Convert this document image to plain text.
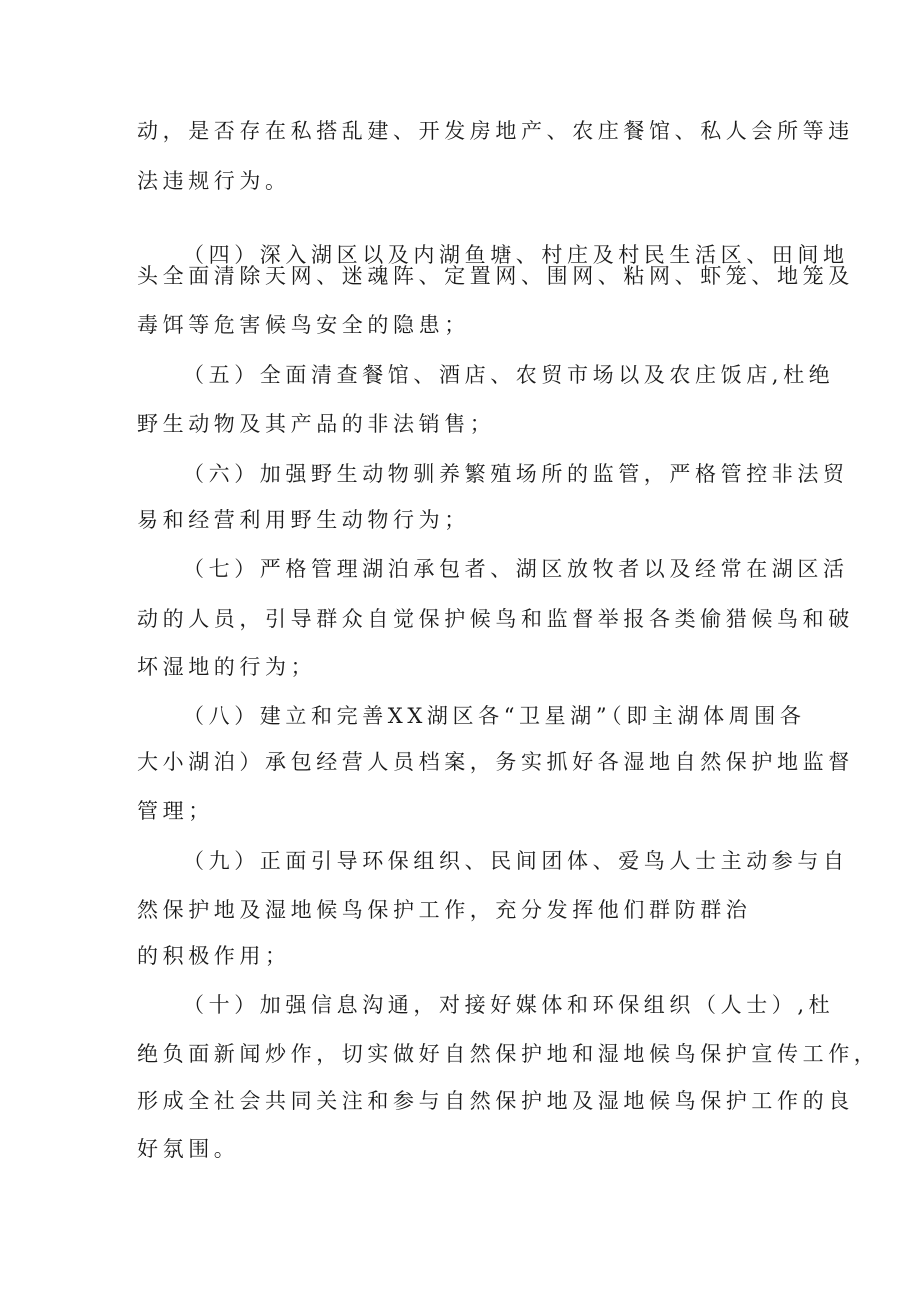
动，是否存在私搭乱建、开发房地产、农庄餐馆、私人会所等违
法违规行为。
（四）深入湖区以及内湖鱼塘、村庄及村民生活区、田间地
头全面清除天网、迷魂阵、定置网、围网、粘网、虾笼、地笼及
毒饵等危害候鸟安全的隐患；
（五）全面清查餐馆、酒店、农贸市场以及农庄饭店,杜绝
野生动物及其产品的非法销售；
（六）加强野生动物驯养繁殖场所的监管，严格管控非法贸
易和经营利用野生动物行为；
（七）严格管理湖泊承包者、湖区放牧者以及经常在湖区活
动的人员，引导群众自觉保护候鸟和监督举报各类偷猎候鸟和破
坏湿地的行为；
（八）建立和完善XX湖区各“卫星湖”（即主湖体周围各
大小湖泊）承包经营人员档案，务实抓好各湿地自然保护地监督
管理；
（九）正面引导环保组织、民间团体、爱鸟人士主动参与自
然保护地及湿地候鸟保护工作，充分发挥他们群防群治
的积极作用；
（十）加强信息沟通，对接好媒体和环保组织（人士）,杜
绝负面新闻炒作，切实做好自然保护地和湿地候鸟保护宣传工作，
形成全社会共同关注和参与自然保护地及湿地候鸟保护工作的良
好氛围。
